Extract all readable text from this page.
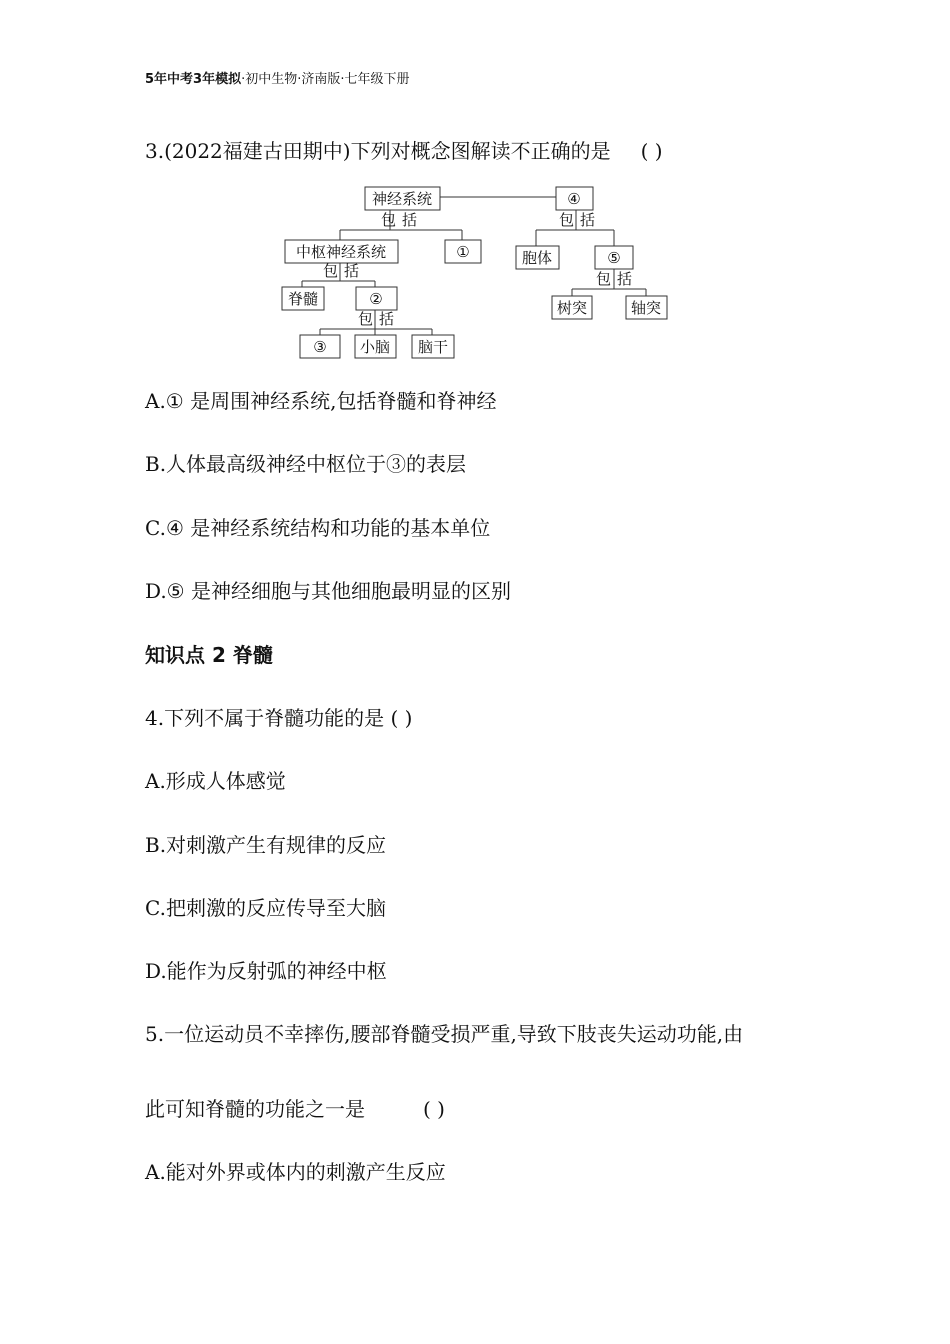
5年中考3年模拟·初中生物·济南版·七年级下册
3.(2022福建古田期中)下列对概念图解读不正确的是 ( )
神经系统	④
包括	包括
中枢神经系统	①	胞体	⑤
包括	包括
脊髓	②	树突	轴突
包括
③ 小脑 脑干
A.① 是周围神经系统,包括脊髓和脊神经
B.人体最高级神经中枢位于③的表层
C.④ 是神经系统结构和功能的基本单位
D.⑤ 是神经细胞与其他细胞最明显的区别
知识点 2 脊髓
4.下列不属于脊髓功能的是 ( )
A.形成人体感觉
B.对刺激产生有规律的反应
C.把刺激的反应传导至大脑
D.能作为反射弧的神经中枢
5.一位运动员不幸摔伤,腰部脊髓受损严重,导致下肢丧失运动功能,由
此可知脊髓的功能之一是	( )
A.能对外界或体内的刺激产生反应
